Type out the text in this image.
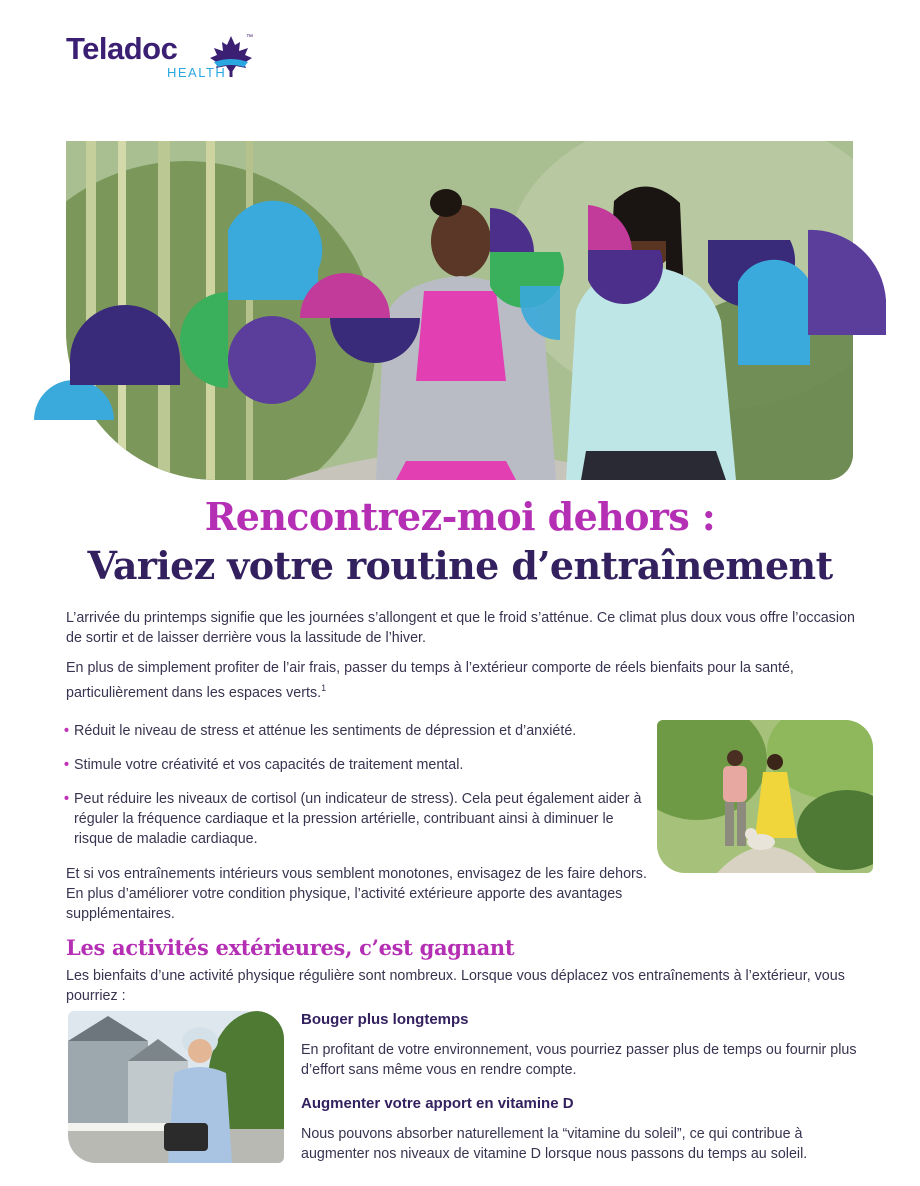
Teladoc	™
HEALTH
Rencontrez-moi dehors :
Variez votre routine d’entraînement

L’arrivée du printemps signifie que les journées s’allongent et que le froid s’atténue. Ce climat plus doux vous offre l’occasion de sortir et de laisser derrière vous la lassitude de l’hiver.

En plus de simplement profiter de l’air frais, passer du temps à l’extérieur comporte de réels bienfaits pour la santé, particulièrement dans les espaces verts.$^1$

• Réduit le niveau de stress et atténue les sentiments de dépression et d’anxiété.
• Stimule votre créativité et vos capacités de traitement mental.
• Peut réduire les niveaux de cortisol (un indicateur de stress). Cela peut également aider à réguler la fréquence cardiaque et la pression artérielle, contribuant ainsi à diminuer le risque de maladie cardiaque.

Et si vos entraînements intérieurs vous semblent monotones, envisagez de les faire dehors. En plus d’améliorer votre condition physique, l’activité extérieure apporte des avantages supplémentaires.

Les activités extérieures, c’est gagnant

Les bienfaits d’une activité physique régulière sont nombreux. Lorsque vous déplacez vos entraînements à l’extérieur, vous pourriez :

Bouger plus longtemps

En profitant de votre environnement, vous pourriez passer plus de temps ou fournir plus d’effort sans même vous en rendre compte.

Augmenter votre apport en vitamine D

Nous pouvons absorber naturellement la “vitamine du soleil”, ce qui contribue à augmenter nos niveaux de vitamine D lorsque nous passons du temps au soleil.
